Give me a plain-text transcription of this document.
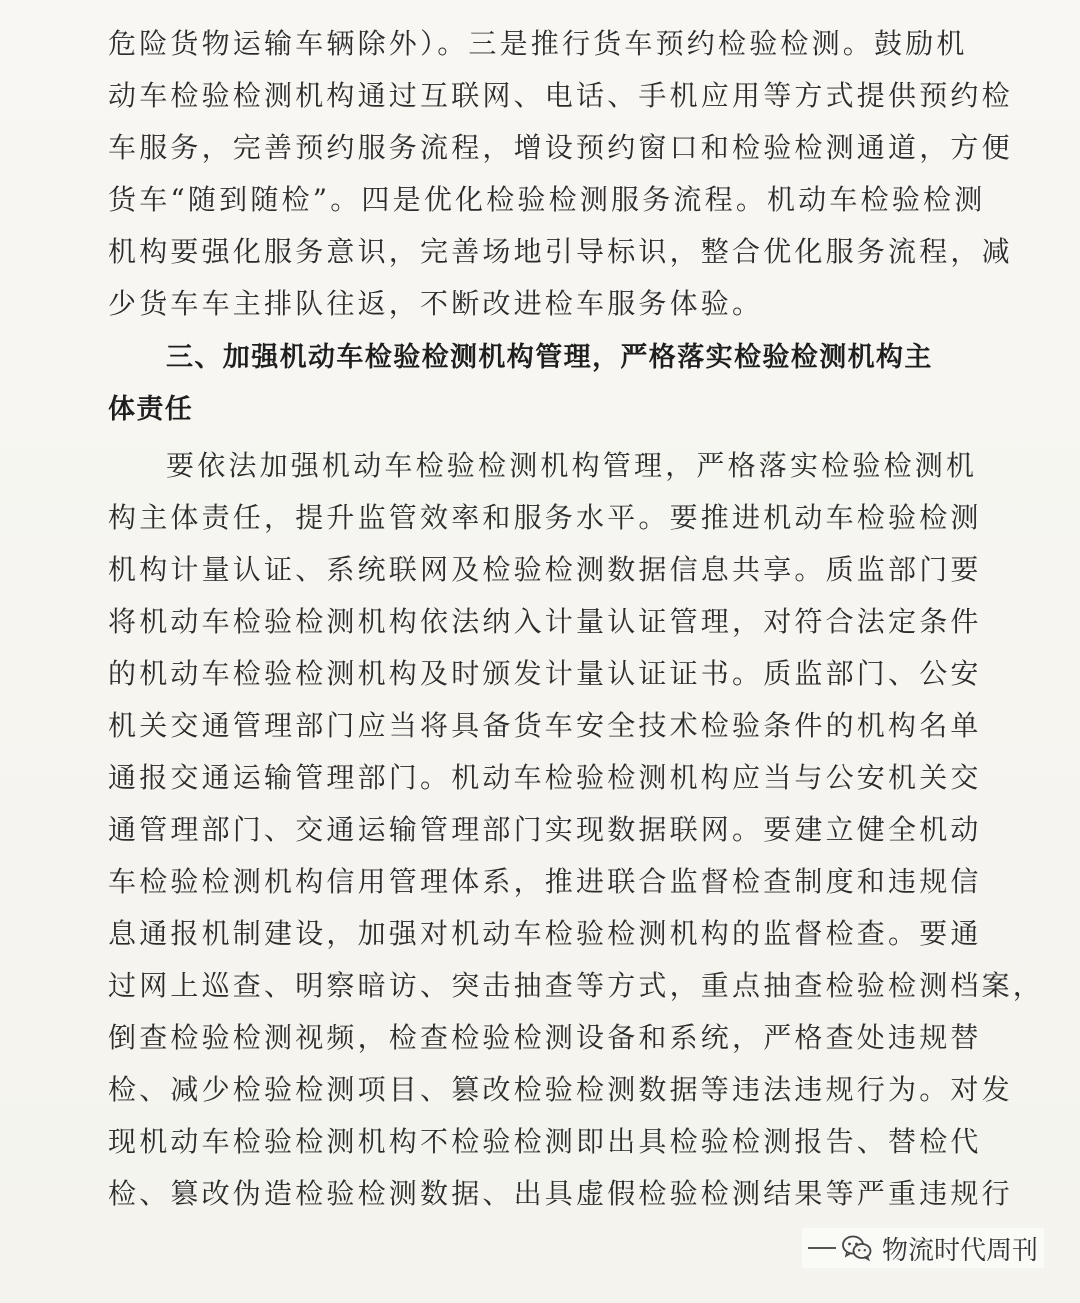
危险货物运输车辆除外）。三是推行货车预约检验检测。鼓励机
动车检验检测机构通过互联网、电话、手机应用等方式提供预约检
车服务，完善预约服务流程，增设预约窗口和检验检测通道，方便
货车“随到随检”。四是优化检验检测服务流程。机动车检验检测
机构要强化服务意识，完善场地引导标识，整合优化服务流程，减
少货车车主排队往返，不断改进检车服务体验。
三、加强机动车检验检测机构管理，严格落实检验检测机构主
体责任
要依法加强机动车检验检测机构管理，严格落实检验检测机
构主体责任，提升监管效率和服务水平。要推进机动车检验检测
机构计量认证、系统联网及检验检测数据信息共享。质监部门要
将机动车检验检测机构依法纳入计量认证管理，对符合法定条件
的机动车检验检测机构及时颁发计量认证证书。质监部门、公安
机关交通管理部门应当将具备货车安全技术检验条件的机构名单
通报交通运输管理部门。机动车检验检测机构应当与公安机关交
通管理部门、交通运输管理部门实现数据联网。要建立健全机动
车检验检测机构信用管理体系，推进联合监督检查制度和违规信
息通报机制建设，加强对机动车检验检测机构的监督检查。要通
过网上巡查、明察暗访、突击抽查等方式，重点抽查检验检测档案，
倒查检验检测视频，检查检验检测设备和系统，严格查处违规替
检、减少检验检测项目、篡改检验检测数据等违法违规行为。对发
现机动车检验检测机构不检验检测即出具检验检测报告、替检代
检、篡改伪造检验检测数据、出具虚假检验检测结果等严重违规行
物流时代周刊
